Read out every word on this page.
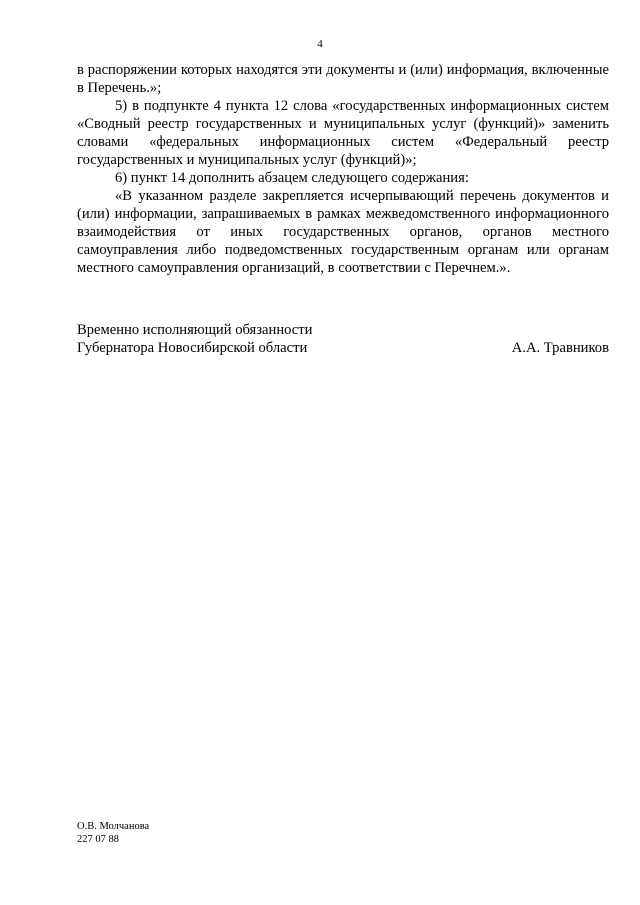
4

в распоряжении которых находятся эти документы и (или) информация, включенные в Перечень.»;

5) в подпункте 4 пункта 12 слова «государственных информационных систем «Сводный реестр государственных и муниципальных услуг (функций)» заменить словами «федеральных информационных систем «Федеральный реестр государственных и муниципальных услуг (функций)»;

6) пункт 14 дополнить абзацем следующего содержания:

«В указанном разделе закрепляется исчерпывающий перечень документов и (или) информации, запрашиваемых в рамках межведомственного информационного взаимодействия от иных государственных органов, органов местного самоуправления либо подведомственных государственным органам или органам местного самоуправления организаций, в соответствии с Перечнем.».

Временно исполняющий обязанности
Губернатора Новосибирской области	А.А. Травников
О.В. Молчанова
227 07 88
